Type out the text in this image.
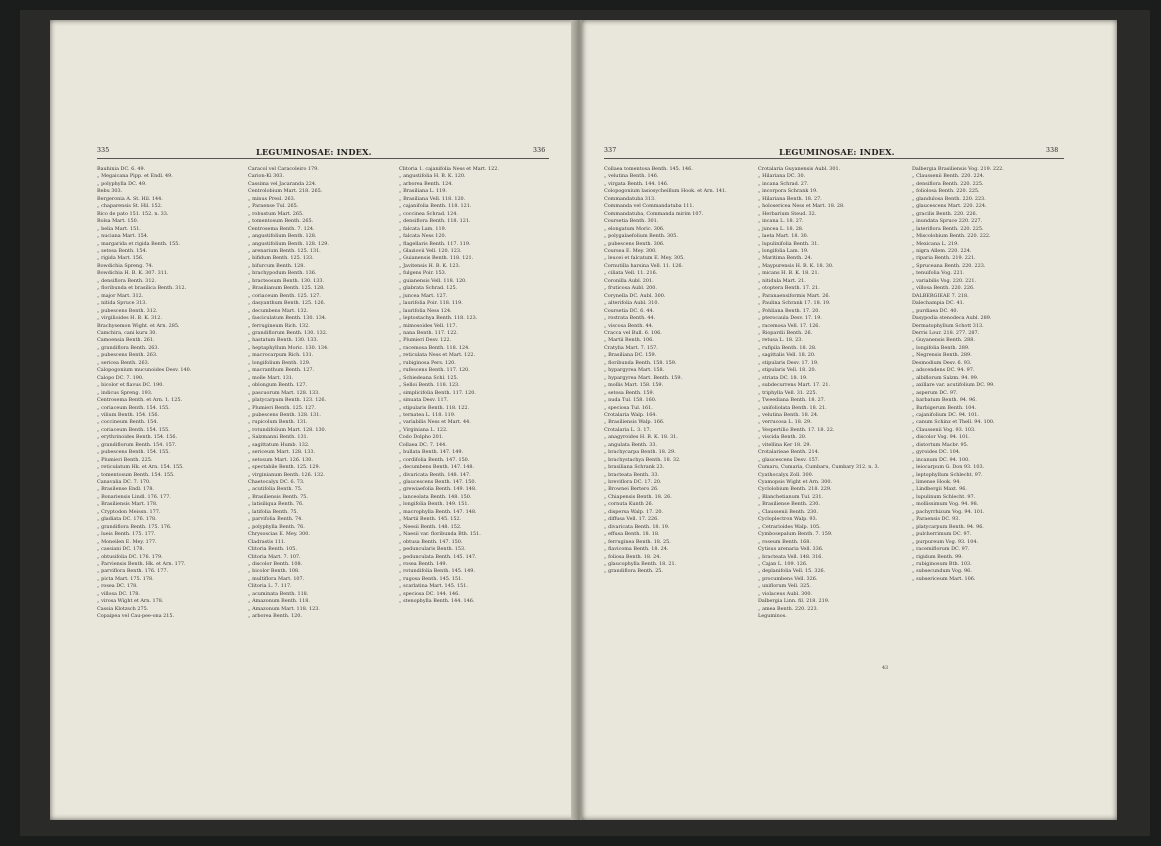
335	LEGUMINOSAE: INDEX.	336
Bauhinia DC. 6. 49.
„ Megaicana Pipp. et Endl. 49.
„ polyphylla DC. 49.
Bebu 303.
Bergeronia A. St. Hil. 144.
„ chaparensis St. Hil. 152.
Bico de pato 151. 152. n. 33.
Bolsa Mart. 150.
„ belia Mart. 151.
„ nuciana Mart. 154.
„ margarida et rigida Benth. 155.
„ setosa Benth. 154.
„ rigida Mart. 156.
Bowdichia Spreng. 74.
Bowdichia H. B. K. 307. 311.
„ densiflora Benth. 312.
„ floribunda et brasilica Benth. 312.
„ major Mart. 312.
„ nitida Spruce 313.
„ pubescens Benth. 312.
„ virgilioides H. B. K. 312.
Brachysemon Wight. et Arn. 285.
Camchira, cani kuru 30.
Camoensia Benth. 261.
„ grandiflora Benth. 263.
„ pubescens Benth. 263.
„ sericea Benth. 263.
Calopogonium mucunoides Desv. 140.
Calopo DC. 7. 190.
„ bicolor et flavus DC. 190.
„ indicus Spreng. 193.
Centrosema Benth. et Arn. 1. 125.
„ coriaceum Benth. 154. 155.
„ vilium Benth. 154. 156.
„ coccineum Benth. 154.
„ coriaceum Benth. 154. 155.
„ erythrinoides Benth. 154. 156.
„ grandiflorum Benth. 154. 157.
„ pubescens Benth. 154. 155.
„ Plumieri Benth. 225.
„ reticulatum Hk. et Arn. 154. 155.
„ tomentosum Benth. 154. 155.
Canavalia DC. 7. 170.
„ Brasilense Endl. 178.
„ Bonariensis Lindl. 176. 177.
„ Brasiliensis Mart. 178.
„ Cryptodon Meissn. 177.
„ gladiata DC. 176. 178.
„ grandiflora Benth. 175. 176.
„ lueis Benth. 175. 177.
„ Moneilen E. Mey. 177.
„ cassiani DC. 178.
„ obtusifolia DC. 176. 179.
„ Parviensis Benth. Hk. et Arn. 177.
„ parviflora Benth. 176. 177.
„ picta Mart. 175. 178.
„ rosea DC. 178.
„ villosa DC. 178.
„ virosa Wight et Arn. 178.
Cassia Klotzsch 275.
Copaipea vel Cau-pee-ona 215.
Caracol vel Caracoleiro 179.
Carion-Ki 303.
Cassima vel Jacaranda 224.
Centrolobium Mart. 218. 265.
„ minus Presl. 263.
„ Paraense Tul. 265.
„ robustum Mart. 265.
„ tomentosum Benth. 265.
Centrosema Benth. 7. 124.
„ angustifolium Benth. 128.
„ angustifolium Benth. 128. 129.
„ arenarium Benth. 125. 131.
„ bifidum Benth. 125. 133.
„ bifurcum Benth. 128.
„ brachypodum Benth. 136.
„ bracteosum Benth. 130. 133.
„ Brasilianum Benth. 125. 128.
„ coriaceum Benth. 125. 127.
„ dasyanthum Benth. 125. 126.
„ decumbens Mart. 132.
„ fasciculatum Benth. 130. 134.
„ ferrugineum Rich. 132.
„ grandiflorum Benth. 130. 132.
„ hastatum Benth. 130. 133.
„ heptaphyllum Moric. 130. 134.
„ macrocarpum Rich. 131.
„ longifolium Benth. 129.
„ macranthum Benth. 127.
„ molle Mart. 131.
„ oblongum Benth. 127.
„ pascuorum Mart. 128. 133.
„ platycarpum Benth. 123. 126.
„ Plumieri Benth. 125. 127.
„ pubescens Benth. 128. 131.
„ rupicolum Benth. 131.
„ rotundifolium Mart. 128. 130.
„ Salzmanni Benth. 131.
„ sagittatum Humb. 132.
„ sericeum Mart. 128. 133.
„ setosum Mart. 126. 130.
„ spectabile Benth. 125. 129.
„ virginianum Benth. 126. 132.
Chaetocalyx DC. 6. 73.
„ acutifolia Benth. 75.
„ Brasiliensis Benth. 75.
„ latisiliqua Benth. 76.
„ latifolia Benth. 75.
„ parvifolia Benth. 74.
„ polyphylla Benth. 76.
Chrysoscias E. Mey. 300.
Cladrastis 111.
Clitoria Benth. 105.
Clitoria Mart. 7. 107.
„ discolor Benth. 108.
„ bicolor Benth. 108.
„ multiflora Mart. 107.
Clitoria L. 7. 117.
„ acuminata Benth. 118.
„ Amazonum Benth. 118.
„ Amazonum Mart. 118. 123.
„ arborea Benth. 120.
Clitoria 1. cajanifolia Ness et Mart. 122.
„ angustifolia H. B. K. 120.
„ arborea Benth. 124.
„ Brasiliana L. 119.
„ Brasiliana Vell. 118. 120.
„ cajanifolia Benth. 118. 121.
„ coccinea Schrad. 124.
„ densiflora Benth. 118. 121.
„ falcata Lam. 119.
„ falcata Ness 120.
„ flagellaris Benth. 117. 119.
„ Glaziovii Vell. 120. 123.
„ Guianensis Benth. 118. 121.
„ Javitensis H. B. K. 123.
„ fulgens Poir. 153.
„ guianensis Vell. 118. 120.
„ glabrata Schrad. 125.
„ juncea Mart. 127.
„ laurifolia Poir. 118. 119.
„ laurifolia Ness 124.
„ leptostachya Benth. 118. 123.
„ mimosoides Vell. 117.
„ nana Benth. 117. 122.
„ Plumieri Desv. 122.
„ racemosa Benth. 118. 124.
„ reticulata Ness et Mart. 122.
„ rubiginosa Pers. 120.
„ rufescens Benth. 117. 120.
„ Schiedeana Schl. 125.
„ Selloi Benth. 118. 123.
„ simplicifolia Benth. 117. 120.
„ sinuata Desv. 117.
„ stipularis Benth. 118. 122.
„ ternatea L. 118. 119.
„ variabilis Ness et Mart. 44.
„ Virginiana L. 122.
Codo Dolpho 201.
Collaea DC. 7. 144.
„ bullata Benth. 147. 149.
„ cordifolia Benth. 147. 150.
„ decumbens Benth. 147. 148.
„ divaricata Benth. 148. 147.
„ glaucescens Benth. 147. 150.
„ grewiaefolia Benth. 149. 148.
„ lanceolata Benth. 148. 150.
„ longifolia Benth. 149. 151.
„ macrophylla Benth. 147. 148.
„ Martii Benth. 145. 152.
„ Neesii Benth. 148. 152.
„ Naesii var. floribunda Bth. 151.
„ obtusa Benth. 147. 150.
„ peduncularis Benth. 153.
„ pedunculata Benth. 145. 147.
„ rosea Benth. 149.
„ rotundifolia Benth. 145. 149.
„ rugosa Benth. 145. 151.
„ scarlatina Mart. 145. 151.
„ speciosa DC. 144. 146.
„ stenophylla Benth. 144. 146.
337	LEGUMINOSAE: INDEX.	338
Collaea tomentosa Benth. 145. 146.
„ velutina Benth. 146.
„ virgata Benth. 144. 146.
Colopogonium lasiosycheillum Hook. et Arn. 141.
Commandatuba 313.
Commanda vel Commandatuba 111.
Commandatuba, Commanda mirim 107.
Coursetia Benth. 301.
„ elongatum Moric. 306.
„ polygalaefolium Benth. 305.
„ pubescens Benth. 306.
Coursea E. Mey. 300.
„ leucei et falcatum E. Mey. 305.
Cornutilla harsina Vell. 11. 126.
„ ciliata Vell. 11. 216.
Coronilla Aubl. 201.
„ fruticosa Aubl. 200.
Corynella DC. Aubl. 300.
„ alterifolia Aubl. 310.
Coursetia DC. 6. 44.
„ rostrata Benth. 44.
„ viscosa Benth. 44.
Cracca vel Bull. 6. 106.
„ Martii Benth. 106.
Cratylia Mart. 7. 157.
„ Brasiliana DC. 159.
„ floribunda Benth. 158. 159.
„ hypargyrea Mart. 158.
„ hypargyrea Mart. Benth. 159.
„ mollis Mart. 158. 159.
„ setosa Benth. 159.
„ nuda Tul. 158. 160.
„ speciosa Tul. 161.
Crotalaria Walp. 164.
„ Brasiliensis Walp. 166.
Crotalaria L. 3. 17.
„ anagyroides H. B. K. 18. 31.
„ angulata Benth. 33.
„ brachycarpa Benth. 18. 29.
„ brachystachya Benth. 18. 32.
„ brasiliana Schrank 23.
„ bracteata Benth. 33.
„ breviflora DC. 17. 20.
„ Brownei Bertero 26.
„ Chiapensis Benth. 18. 26.
„ cornuta Kunth 26.
„ dispersa Walp. 17. 20.
„ diffusa Vell. 17. 226.
„ divaricata Benth. 18. 19.
„ effusa Benth. 18. 18.
„ ferruginea Benth. 18. 25.
„ flavicoma Benth. 18. 24.
„ foliosa Benth. 18. 24.
„ glaucophylla Benth. 18. 21.
„ grandiflora Benth. 25.
Crotalaria Guyanensis Aubl. 301.
„ Hilariana DC. 30.
„ incana Schrad. 27.
„ incorpora Schrank 19.
„ Hilariana Benth. 18. 27.
„ holosericea Ness et Mart. 18. 28.
„ Herbarium Steud. 32.
„ incana L. 18. 27.
„ juncea L. 18. 28.
„ laeta Mart. 18. 30.
„ lupulinifolia Benth. 31.
„ longifolia Lam. 19.
„ Maritima Benth. 24.
„ Maypurensis H. B. K. 18. 30.
„ micans H. B. K. 18. 21.
„ nitidula Mart. 21.
„ otoptera Benth. 17. 21.
„ Paranaensiformis Mart. 26.
„ Paulina Schrank 17. 18. 19.
„ Pohliana Benth. 17. 20.
„ pterocaula Desv. 17. 19.
„ racemosa Vell. 17. 126.
„ Riopardii Benth. 26.
„ retusa L. 18. 23.
„ rufipila Benth. 18. 28.
„ sagittalis Vell. 18. 20.
„ stipularis Desv. 17. 19.
„ stipularis Vell. 18. 20.
„ striata DC. 18. 19.
„ subdecurrens Mart. 17. 21.
„ triphylla Vell. 31. 225.
„ Tweediana Benth. 18. 27.
„ unifoliolata Benth. 18. 21.
„ velutina Benth. 18. 24.
„ verrucosa L. 18. 29.
„ Vespertilio Benth. 17. 18. 22.
„ viscida Benth. 20.
„ vitellina Ker 18. 29.
Crotalarieae Benth. 214.
„ glaucescens Desv. 157.
Cumaru, Cumaria, Cumbaru, Cumbary 312. n. 3.
Cyathocalyx Zoll. 300.
Cyamopsis Wight et Arn. 300.
Cyclolobium Benth. 218. 229.
„ Blanchetianum Tul. 231.
„ Brasiliense Benth. 230.
„ Claussenii Benth. 230.
Cycloplectron Walp. 93.
„ Cetrarioides Walp. 105.
Cymbosepalum Benth. 7. 159.
„ roseum Benth. 168.
Cytisus arenaria Vell. 336.
„ bracteata Vell. 148. 316.
„ Cajan L. 109. 126.
„ deplanifolia Vell. 15. 326.
„ procumbens Vell. 326.
„ uniflorum Vell. 325.
„ violaceus Aubl. 300.
Dalbergia Linn. fil. 218. 219.
„ amea Benth. 220. 223.
Leguminos.
Dalbergia Brasiliensis Vog. 219. 222.
„ Claussenii Benth. 220. 224.
„ densiflora Benth. 220. 225.
„ foliolosa Benth. 220. 225.
„ glandulosa Benth. 220. 223.
„ glaucescens Mart. 220. 224.
„ gracilis Benth. 220. 226.
„ inundata Spruce 220. 227.
„ lateriflora Benth. 220. 225.
„ Miscolobium Benth. 220. 222.
„ Mexicana L. 219.
„ nigra Allem. 220. 224.
„ riparia Benth. 219. 221.
„ Spruceana Benth. 220. 223.
„ tenuifolia Vog. 221.
„ variabilis Vog. 220. 221.
„ villosa Benth. 220. 226.
DALBERGIEAE 7. 218.
Dalechampia DC. 41.
„ purdiaea DC. 40.
Dasypodia stenodeca Aubl. 289.
Dermatophyllum Schott 313.
Derris Lour. 218. 277. 287.
„ Guyanensis Benth. 288.
„ longifolia Benth. 289.
„ Negrensis Benth. 289.
Desmodium Desv. 6. 93.
„ adscendens DC. 94. 97.
„ albiflorum Salzm. 94. 99.
„ axillare var. acutifolium DC. 99.
„ asperum DC. 97.
„ barbatum Benth. 94. 96.
„ Barbigerum Benth. 104.
„ cajanifolium DC. 94. 101.
„ canum Schinz et Thell. 94. 100.
„ Claussenii Vog. 93. 103.
„ discolor Vog. 94. 101.
„ distortum Macbr. 95.
„ gyroides DC. 104.
„ incanum DC. 94. 100.
„ leiocarpum G. Don 93. 103.
„ leptophyllum Schlecht. 97.
„ limense Hook. 94.
„ Lindbergii Maxt. 96.
„ lupulinum Schlecht. 97.
„ mollissimum Vog. 94. 98.
„ pachyrrhizum Vog. 94. 101.
„ Paraensis DC. 93.
„ platycarpum Benth. 94. 96.
„ pulcherrimum DC. 97.
„ purpureum Vog. 93. 104.
„ racemiflorum DC. 97.
„ rigidum Benth. 99.
„ rubiginosum Bth. 103.
„ subsecundum Vog. 96.
„ subsericeum Mart. 106.
43
